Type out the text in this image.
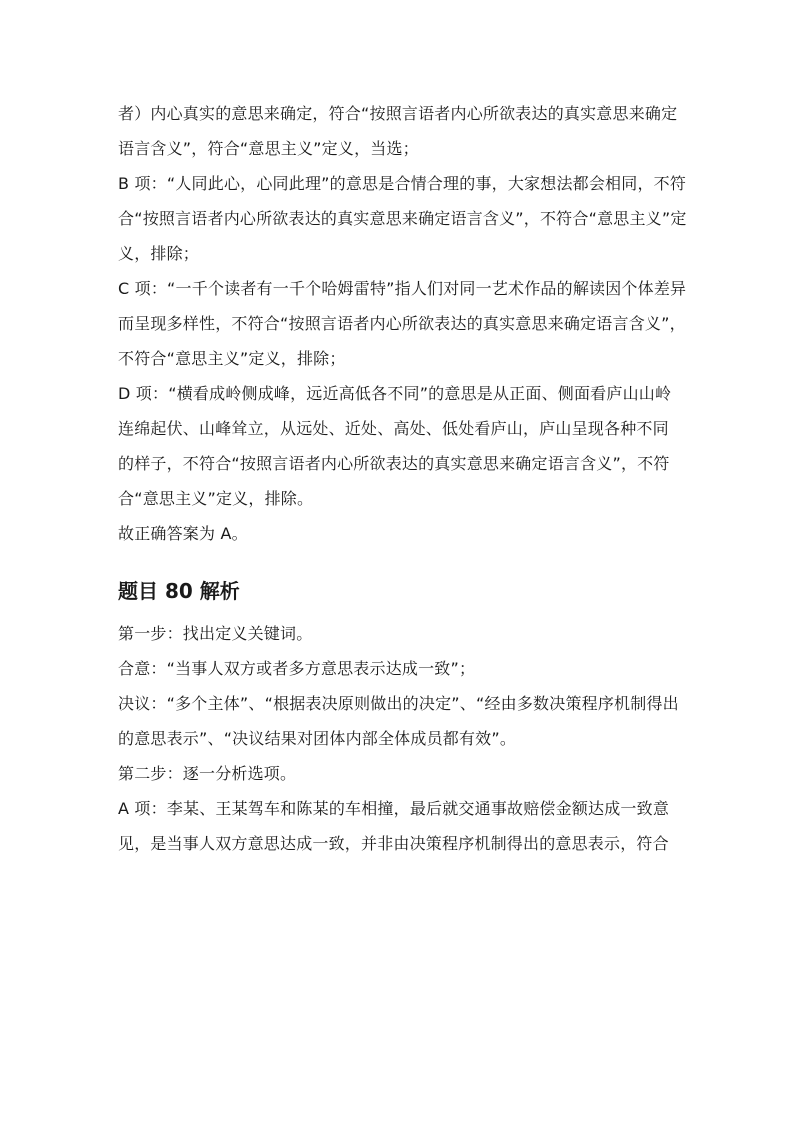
者）内心真实的意思来确定，符合“按照言语者内心所欲表达的真实意思来确定
语言含义”，符合“意思主义”定义，当选；
B 项：“人同此心，心同此理”的意思是合情合理的事，大家想法都会相同，不符
合“按照言语者内心所欲表达的真实意思来确定语言含义”，不符合“意思主义”定
义，排除；
C 项：“一千个读者有一千个哈姆雷特”指人们对同一艺术作品的解读因个体差异
而呈现多样性，不符合“按照言语者内心所欲表达的真实意思来确定语言含义”，
不符合“意思主义”定义，排除；
D 项：“横看成岭侧成峰，远近高低各不同”的意思是从正面、侧面看庐山山岭
连绵起伏、山峰耸立，从远处、近处、高处、低处看庐山，庐山呈现各种不同
的样子，不符合“按照言语者内心所欲表达的真实意思来确定语言含义”，不符
合“意思主义”定义，排除。
故正确答案为 A。
题目 80 解析
第一步：找出定义关键词。
合意：“当事人双方或者多方意思表示达成一致”；
决议：“多个主体”、“根据表决原则做出的决定”、“经由多数决策程序机制得出
的意思表示”、“决议结果对团体内部全体成员都有效”。
第二步：逐一分析选项。
A 项：李某、王某驾车和陈某的车相撞，最后就交通事故赔偿金额达成一致意
见，是当事人双方意思达成一致，并非由决策程序机制得出的意思表示，符合
